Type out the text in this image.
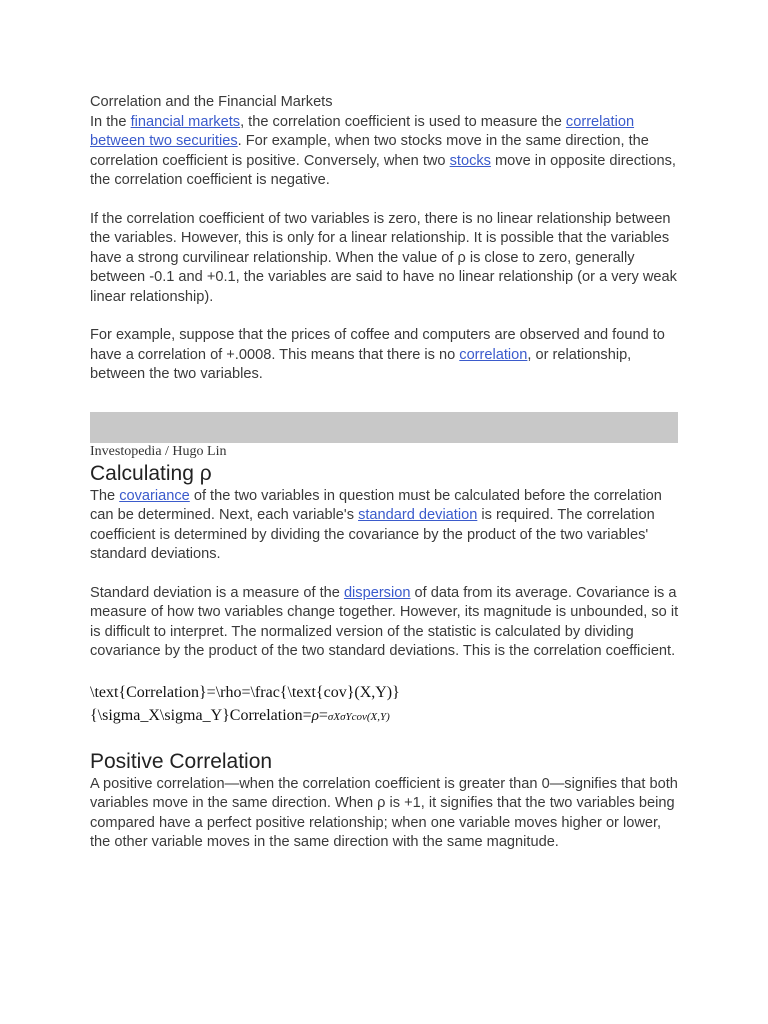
Correlation and the Financial Markets

In the financial markets, the correlation coefficient is used to measure the correlation between two securities. For example, when two stocks move in the same direction, the correlation coefficient is positive. Conversely, when two stocks move in opposite directions, the correlation coefficient is negative.

If the correlation coefficient of two variables is zero, there is no linear relationship between the variables. However, this is only for a linear relationship. It is possible that the variables have a strong curvilinear relationship. When the value of ρ is close to zero, generally between -0.1 and +0.1, the variables are said to have no linear relationship (or a very weak linear relationship).

For example, suppose that the prices of coffee and computers are observed and found to have a correlation of +.0008. This means that there is no correlation, or relationship, between the two variables.

Investopedia / Hugo Lin
Calculating ρ

The covariance of the two variables in question must be calculated before the correlation can be determined. Next, each variable's standard deviation is required. The correlation coefficient is determined by dividing the covariance by the product of the two variables' standard deviations.

Standard deviation is a measure of the dispersion of data from its average. Covariance is a measure of how two variables change together. However, its magnitude is unbounded, so it is difficult to interpret. The normalized version of the statistic is calculated by dividing covariance by the product of the two standard deviations. This is the correlation coefficient.

\text{Correlation}=\rho=\frac{\text{cov}(X,Y)}
{\sigma_X\sigma_Y}Correlation=ρ=σXσYcov(X,Y)
Positive Correlation

A positive correlation—when the correlation coefficient is greater than 0—signifies that both variables move in the same direction. When ρ is +1, it signifies that the two variables being compared have a perfect positive relationship; when one variable moves higher or lower, the other variable moves in the same direction with the same magnitude.
